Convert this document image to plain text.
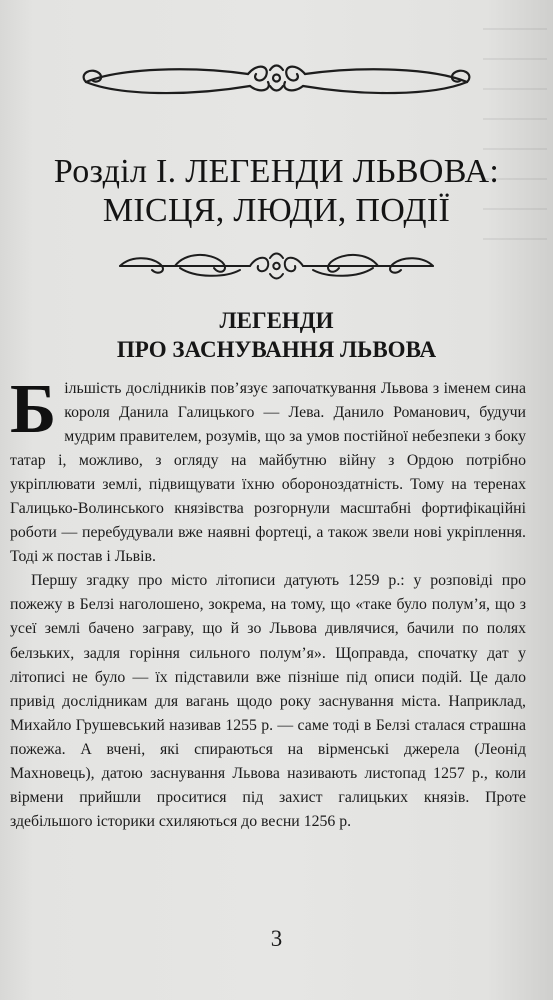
Розділ І. ЛЕГЕНДИ ЛЬВОВА:
МІСЦЯ, ЛЮДИ, ПОДІЇ
ЛЕГЕНДИ
ПРО ЗАСНУВАННЯ ЛЬВОВА

Більшість дослідників пов’язує започаткування Львова з іменем сина короля Данила Галицького — Лева. Данило Романович, будучи мудрим правителем, розумів, що за умов постійної небезпеки з боку татар і, можливо, з огляду на майбутню війну з Ордою потрібно укріплювати землі, підвищувати їхню обороноздатність. Тому на теренах Галицько-Волинського князівства розгорнули масштабні фортифікаційні роботи — перебудували вже наявні фортеці, а також звели нові укріплення. Тоді ж постав і Львів.

Першу згадку про місто літописи датують 1259 р.: у розповіді про пожежу в Белзі наголошено, зокрема, на тому, що «таке було полум’я, що з усеї землі бачено заграву, що й зо Львова дивлячися, бачили по полях белзьких, задля горіння сильного полум’я». Щоправда, спочатку дат у літописі не було — їх підставили вже пізніше під описи подій. Це дало привід дослідникам для вагань щодо року заснування міста. Наприклад, Михайло Грушевський називав 1255 р. — саме тоді в Белзі сталася страшна пожежа. А вчені, які спираються на вірменські джерела (Леонід Махновець), датою заснування Львова називають листопад 1257 р., коли вірмени прийшли проситися під захист галицьких князів. Проте здебільшого історики схиляються до весни 1256 р.

3
